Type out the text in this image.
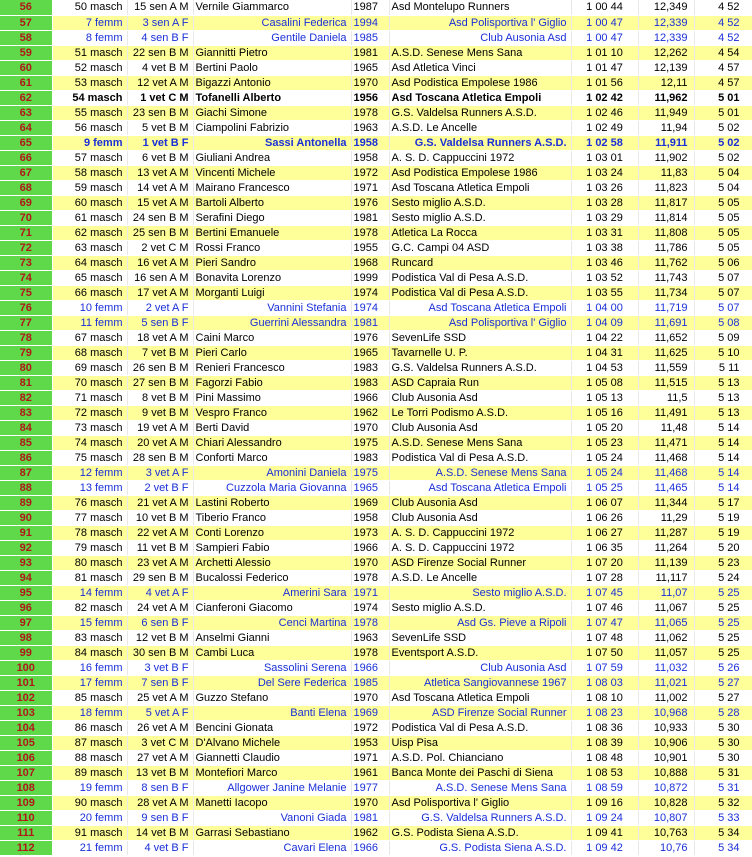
56	50 masch	15 sen A M	Vernile Giammarco	1987	Asd Montelupo Runners	1 00 44	12,349	4 52
57	7 femm	3 sen A F	Casalini Federica	1994	Asd Polisportiva l' Giglio	1 00 47	12,339	4 52
58	8 femm	4 sen B F	Gentile Daniela	1985	Club Ausonia Asd	1 00 47	12,339	4 52
59	51 masch	22 sen B M	Giannitti Pietro	1981	A.S.D. Senese Mens Sana	1 01 10	12,262	4 54
60	52 masch	4 vet B M	Bertini Paolo	1965	Asd Atletica Vinci	1 01 47	12,139	4 57
61	53 masch	12 vet A M	Bigazzi Antonio	1970	Asd Podistica Empolese 1986	1 01 56	12,11	4 57
62	54 masch	1 vet C M	Tofanelli Alberto	1956	Asd Toscana Atletica Empoli	1 02 42	11,962	5 01
63	55 masch	23 sen B M	Giachi Simone	1978	G.S. Valdelsa Runners A.S.D.	1 02 46	11,949	5 01
64	56 masch	5 vet B M	Ciampolini Fabrizio	1963	A.S.D. Le Ancelle	1 02 49	11,94	5 02
65	9 femm	1 vet B F	Sassi Antonella	1958	G.S. Valdelsa Runners A.S.D.	1 02 58	11,911	5 02
66	57 masch	6 vet B M	Giuliani Andrea	1958	A. S. D. Cappuccini 1972	1 03 01	11,902	5 02
67	58 masch	13 vet A M	Vincenti Michele	1972	Asd Podistica Empolese 1986	1 03 24	11,83	5 04
68	59 masch	14 vet A M	Mairano Francesco	1971	Asd Toscana Atletica Empoli	1 03 26	11,823	5 04
69	60 masch	15 vet A M	Bartoli Alberto	1976	Sesto miglio A.S.D.	1 03 28	11,817	5 05
70	61 masch	24 sen B M	Serafini Diego	1981	Sesto miglio A.S.D.	1 03 29	11,814	5 05
71	62 masch	25 sen B M	Bertini Emanuele	1978	Atletica La Rocca	1 03 31	11,808	5 05
72	63 masch	2 vet C M	Rossi Franco	1955	G.C. Campi 04 ASD	1 03 38	11,786	5 05
73	64 masch	16 vet A M	Pieri Sandro	1968	Runcard	1 03 46	11,762	5 06
74	65 masch	16 sen A M	Bonavita Lorenzo	1999	Podistica Val di Pesa A.S.D.	1 03 52	11,743	5 07
75	66 masch	17 vet A M	Morganti Luigi	1974	Podistica Val di Pesa A.S.D.	1 03 55	11,734	5 07
76	10 femm	2 vet A F	Vannini Stefania	1974	Asd Toscana Atletica Empoli	1 04 00	11,719	5 07
77	11 femm	5 sen B F	Guerrini Alessandra	1981	Asd Polisportiva l' Giglio	1 04 09	11,691	5 08
78	67 masch	18 vet A M	Caini Marco	1976	SevenLife SSD	1 04 22	11,652	5 09
79	68 masch	7 vet B M	Pieri Carlo	1965	Tavarnelle U. P.	1 04 31	11,625	5 10
80	69 masch	26 sen B M	Renieri Francesco	1983	G.S. Valdelsa Runners A.S.D.	1 04 53	11,559	5 11
81	70 masch	27 sen B M	Fagorzi Fabio	1983	ASD Capraia Run	1 05 08	11,515	5 13
82	71 masch	8 vet B M	Pini Massimo	1966	Club Ausonia Asd	1 05 13	11,5	5 13
83	72 masch	9 vet B M	Vespro Franco	1962	Le Torri Podismo A.S.D.	1 05 16	11,491	5 13
84	73 masch	19 vet A M	Berti David	1970	Club Ausonia Asd	1 05 20	11,48	5 14
85	74 masch	20 vet A M	Chiari Alessandro	1975	A.S.D. Senese Mens Sana	1 05 23	11,471	5 14
86	75 masch	28 sen B M	Conforti Marco	1983	Podistica Val di Pesa A.S.D.	1 05 24	11,468	5 14
87	12 femm	3 vet A F	Amonini Daniela	1975	A.S.D. Senese Mens Sana	1 05 24	11,468	5 14
88	13 femm	2 vet B F	Cuzzola Maria Giovanna	1965	Asd Toscana Atletica Empoli	1 05 25	11,465	5 14
89	76 masch	21 vet A M	Lastini Roberto	1969	Club Ausonia Asd	1 06 07	11,344	5 17
90	77 masch	10 vet B M	Tiberio Franco	1958	Club Ausonia Asd	1 06 26	11,29	5 19
91	78 masch	22 vet A M	Conti Lorenzo	1973	A. S. D. Cappuccini 1972	1 06 27	11,287	5 19
92	79 masch	11 vet B M	Sampieri Fabio	1966	A. S. D. Cappuccini 1972	1 06 35	11,264	5 20
93	80 masch	23 vet A M	Archetti Alessio	1970	ASD Firenze Social Runner	1 07 20	11,139	5 23
94	81 masch	29 sen B M	Bucalossi Federico	1978	A.S.D. Le Ancelle	1 07 28	11,117	5 24
95	14 femm	4 vet A F	Amerini Sara	1971	Sesto miglio A.S.D.	1 07 45	11,07	5 25
96	82 masch	24 vet A M	Cianferoni Giacomo	1974	Sesto miglio A.S.D.	1 07 46	11,067	5 25
97	15 femm	6 sen B F	Cenci Martina	1978	Asd Gs. Pieve a Ripoli	1 07 47	11,065	5 25
98	83 masch	12 vet B M	Anselmi Gianni	1963	SevenLife SSD	1 07 48	11,062	5 25
99	84 masch	30 sen B M	Cambi Luca	1978	Eventsport A.S.D.	1 07 50	11,057	5 25
100	16 femm	3 vet B F	Sassolini Serena	1966	Club Ausonia Asd	1 07 59	11,032	5 26
101	17 femm	7 sen B F	Del Sere Federica	1985	Atletica Sangiovannese 1967	1 08 03	11,021	5 27
102	85 masch	25 vet A M	Guzzo Stefano	1970	Asd Toscana Atletica Empoli	1 08 10	11,002	5 27
103	18 femm	5 vet A F	Banti Elena	1969	ASD Firenze Social Runner	1 08 23	10,968	5 28
104	86 masch	26 vet A M	Bencini Gionata	1972	Podistica Val di Pesa A.S.D.	1 08 36	10,933	5 30
105	87 masch	3 vet C M	D'Alvano Michele	1953	Uisp Pisa	1 08 39	10,906	5 30
106	88 masch	27 vet A M	Giannetti Claudio	1971	A.S.D. Pol. Chianciano	1 08 48	10,901	5 30
107	89 masch	13 vet B M	Montefiori Marco	1961	Banca Monte dei Paschi di Siena	1 08 53	10,888	5 31
108	19 femm	8 sen B F	Allgower Janine Melanie	1977	A.S.D. Senese Mens Sana	1 08 59	10,872	5 31
109	90 masch	28 vet A M	Manetti Iacopo	1970	Asd Polisportiva l' Giglio	1 09 16	10,828	5 32
110	20 femm	9 sen B F	Vanoni Giada	1981	G.S. Valdelsa Runners A.S.D.	1 09 24	10,807	5 33
111	91 masch	14 vet B M	Garrasi Sebastiano	1962	G.S. Podista Siena A.S.D.	1 09 41	10,763	5 34
112	21 femm	4 vet B F	Cavari Elena	1966	G.S. Podista Siena A.S.D.	1 09 42	10,76	5 34
